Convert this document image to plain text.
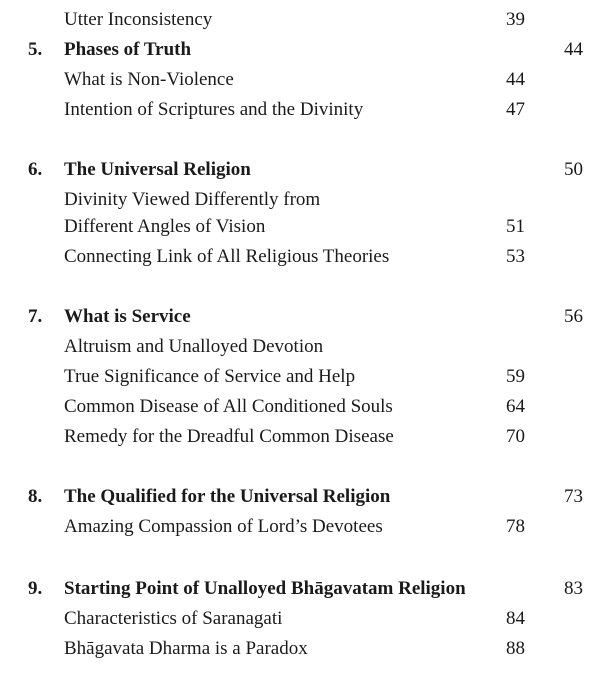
Utter Inconsistency	39
5. Phases of Truth	44
What is Non-Violence	44
Intention of Scriptures and the Divinity	47
6. The Universal Religion	50
Divinity Viewed Differently from
Different Angles of Vision	51
Connecting Link of All Religious Theories	53
7. What is Service	56
Altruism and Unalloyed Devotion
True Significance of Service and Help	59
Common Disease of All Conditioned Souls	64
Remedy for the Dreadful Common Disease	70
8. The Qualified for the Universal Religion	73
Amazing Compassion of Lord’s Devotees	78
9. Starting Point of Unalloyed Bhāgavatam Religion	83
Characteristics of Saranagati	84
Bhāgavata Dharma is a Paradox	88
